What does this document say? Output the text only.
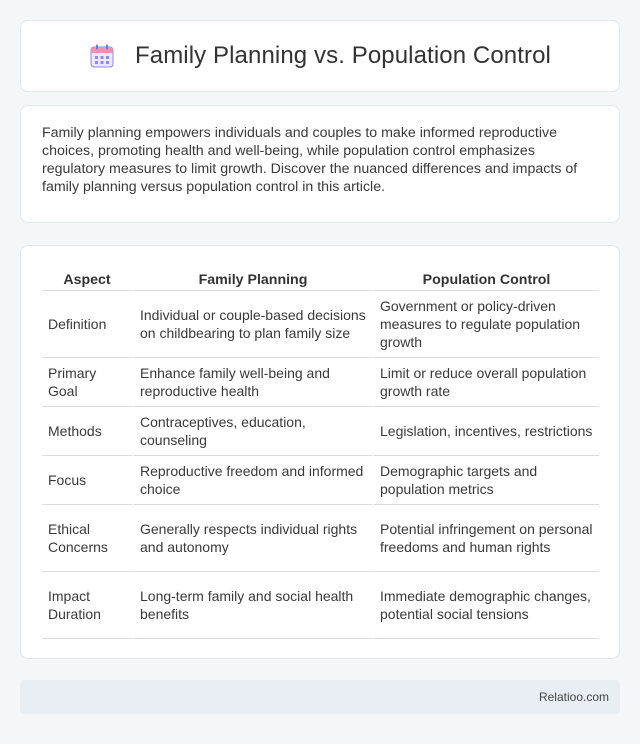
Family Planning vs. Population Control

Family planning empowers individuals and couples to make informed reproductive choices, promoting health and well-being, while population control emphasizes regulatory measures to limit growth. Discover the nuanced differences and impacts of family planning versus population control in this article.

Aspect	Family Planning	Population Control
Definition	Individual or couple-based decisions on childbearing to plan family size	Government or policy-driven measures to regulate population growth
Primary Goal	Enhance family well-being and reproductive health	Limit or reduce overall population growth rate
Methods	Contraceptives, education, counseling	Legislation, incentives, restrictions
Focus	Reproductive freedom and informed choice	Demographic targets and population metrics
Ethical Concerns	Generally respects individual rights and autonomy	Potential infringement on personal freedoms and human rights
Impact Duration	Long-term family and social health benefits	Immediate demographic changes, potential social tensions
Relatioo.com
